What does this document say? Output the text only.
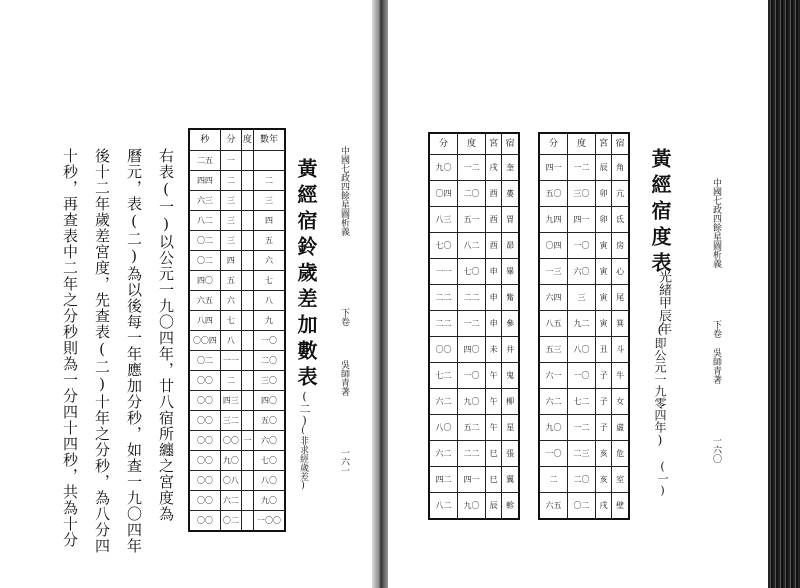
中國七政四餘星圖析義
下卷
吳師青著
一六一
黃經宿鈴歲差加數表
(二)
(非求經歲差)
秒	分	度	數年
二五	一		
四四	二		二
六三	三		三
八二	三		四
〇二	三		五
〇二	四		六
四〇	五		七
六五	六		八
八四	七		九
〇〇四	八		一〇
〇二	一一		二〇
〇〇	二		三〇
〇〇	四三		四〇
〇〇	三二		五〇
〇〇	〇〇	一	六〇
〇〇	九〇		七〇
〇〇	〇八		八〇
〇〇	六二		九〇
〇〇	〇二		一〇〇
右表(一)以公元一九〇四年，廿八宿所纏之宮度為
曆元，表(二)為以後每一年應加分秒，如查一九〇四年
後十二年歲差宮度，先查表(二)十年之分秒，為八分四
十秒，再查表中二年之分秒則為一分四十四秒，共為十分	中國七政四餘星圖析義
下卷
吳師青著
一六〇
黃經宿度表
光緒甲辰年
(即公元一九零四年)
(一)
分	度	宮	宿
四一	一二	辰	角
五〇	三〇	卯	亢
九四	四一	卯	氐
〇四	一〇	寅	房
一三	六〇	寅	心
六四	三	寅	尾
八五	九二	寅	箕
五三	八〇	丑	斗
六一	一〇	子	牛
六二	七二	子	女
九〇	一二	子	虛
一〇	二三	亥	危
二	二〇	亥	室
六五	〇二	戌	壁
分	度	宮	宿
九〇	一二	戌	奎
〇四	二〇	酉	婁
八三	五一	酉	胃
七〇	八二	酉	昴
一一	七〇	申	畢
二二	二二	申	觜
二二	一二	申	參
〇〇	四〇	未	井
七二	一〇	午	鬼
六二	九〇	午	柳
八〇	五二	午	星
六二	二二	巳	張
四二	四一	巳	翼
八二	九〇	辰	軫
